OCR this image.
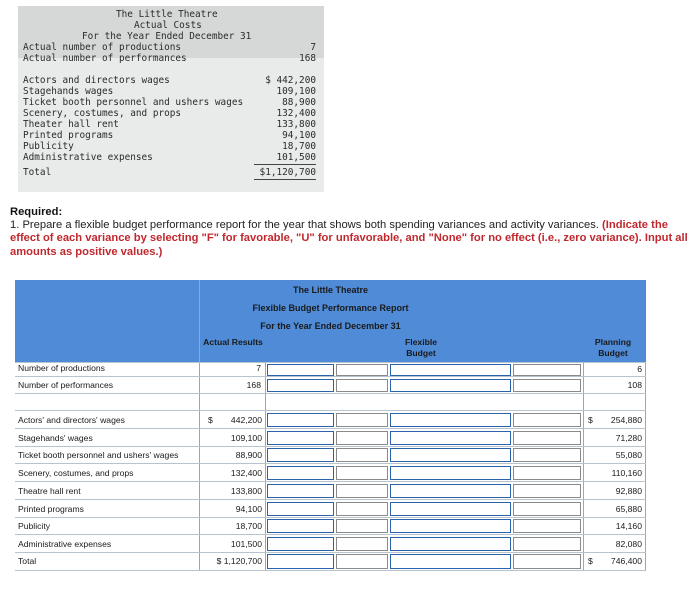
The Little Theatre
Actual Costs
For the Year Ended December 31
Actual number of productions	7
Actual number of performances	168
Actors and directors wages	$ 442,200
Stagehands wages	109,100
Ticket booth personnel and ushers wages	88,900
Scenery, costumes, and props	132,400
Theater hall rent	133,800
Printed programs	94,100
Publicity	18,700
Administrative expenses	101,500
Total	$1,120,700
Required:
1. Prepare a flexible budget performance report for the year that shows both spending variances and activity variances. (Indicate the effect of each variance by selecting "F" for favorable, "U" for unfavorable, and "None" for no effect (i.e., zero variance). Input all amounts as positive values.)
The Little Theatre
Flexible Budget Performance Report
For the Year Ended December 31
Actual Results	Flexible Budget
Planning Budget
Number of productions	7	6
Number of performances	168	108
Actors' and directors' wages	$	442,200	$	254,880
Stagehands' wages	109,100	71,280
Ticket booth personnel and ushers' wages	88,900	55,080
Scenery, costumes, and props	132,400	110,160
Theatre hall rent	133,800	92,880
Printed programs	94,100	65,880
Publicity	18,700	14,160
Administrative expenses	101,500	82,080
Total	$ 1,120,700	$	746,400
